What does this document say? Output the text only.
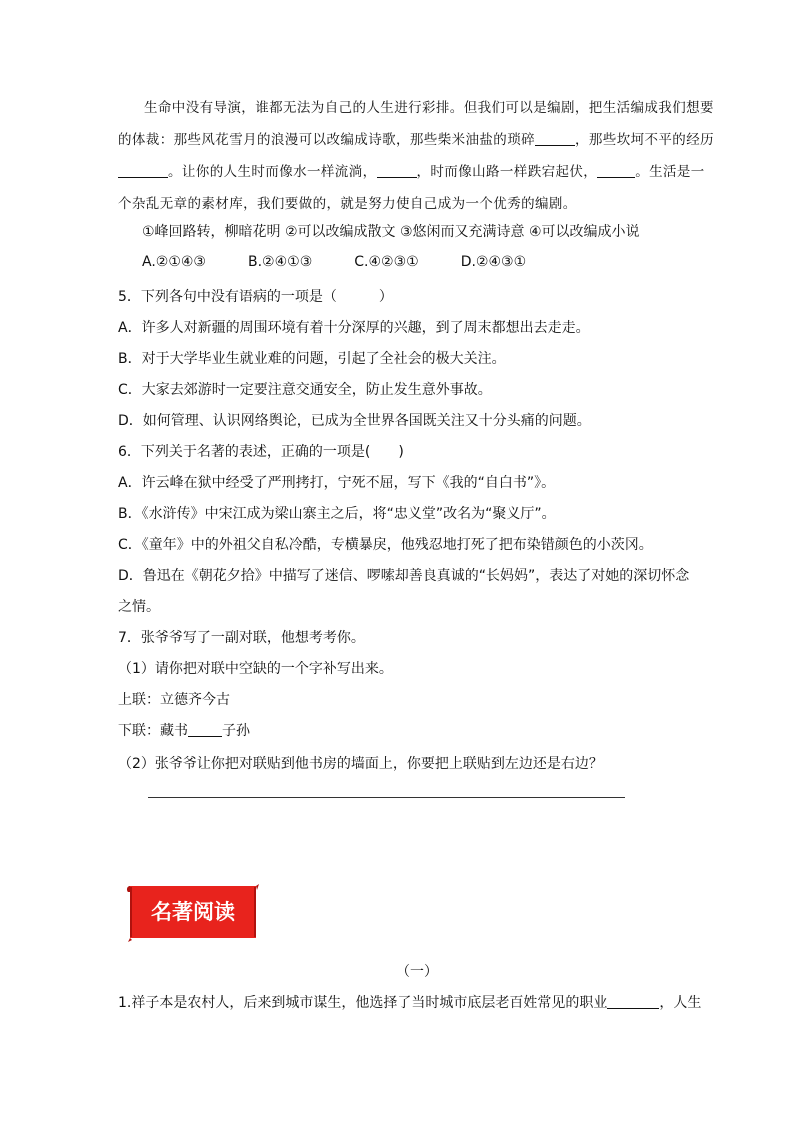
生命中没有导演，谁都无法为自己的人生进行彩排。但我们可以是编剧，把生活编成我们想要的体裁：那些风花雪月的浪漫可以改编成诗歌，那些柴米油盐的琐碎	，那些坎坷不平的经历。让你的人生时而像水一样流淌，	，时而像山路一样跌宕起伏，	。生活是一个杂乱无章的素材库，我们要做的，就是努力使自己成为一个优秀的编剧。
①峰回路转，柳暗花明 ②可以改编成散文 ③悠闲而又充满诗意 ④可以改编成小说
A.②①④③	B.②④①③	C.④②③①	D.②④③①
5．下列各句中没有语病的一项是（　　　）
A．许多人对新疆的周围环境有着十分深厚的兴趣，到了周末都想出去走走。
B．对于大学毕业生就业难的问题，引起了全社会的极大关注。
C．大家去郊游时一定要注意交通安全，防止发生意外事故。
D．如何管理、认识网络舆论，已成为全世界各国既关注又十分头痛的问题。
6．下列关于名著的表述，正确的一项是(　　)
A．许云峰在狱中经受了严刑拷打，宁死不屈，写下《我的“自白书”》。
B．《水浒传》中宋江成为梁山寨主之后，将“忠义堂”改名为“聚义厅”。
C．《童年》中的外祖父自私冷酷，专横暴戾，他残忍地打死了把布染错颜色的小茨冈。
D．鲁迅在《朝花夕拾》中描写了迷信、啰嗦却善良真诚的“长妈妈”，表达了对她的深切怀念
之情。
7．张爷爷写了一副对联，他想考考你。
（1）请你把对联中空缺的一个字补写出来。
上联：立德齐今古
下联：藏书 子孙
（2）张爷爷让你把对联贴到他书房的墙面上，你要把上联贴到左边还是右边？
名著阅读
（一）
1.祥子本是农村人，后来到城市谋生，他选择了当时城市底层老百姓常见的职业	，人生
